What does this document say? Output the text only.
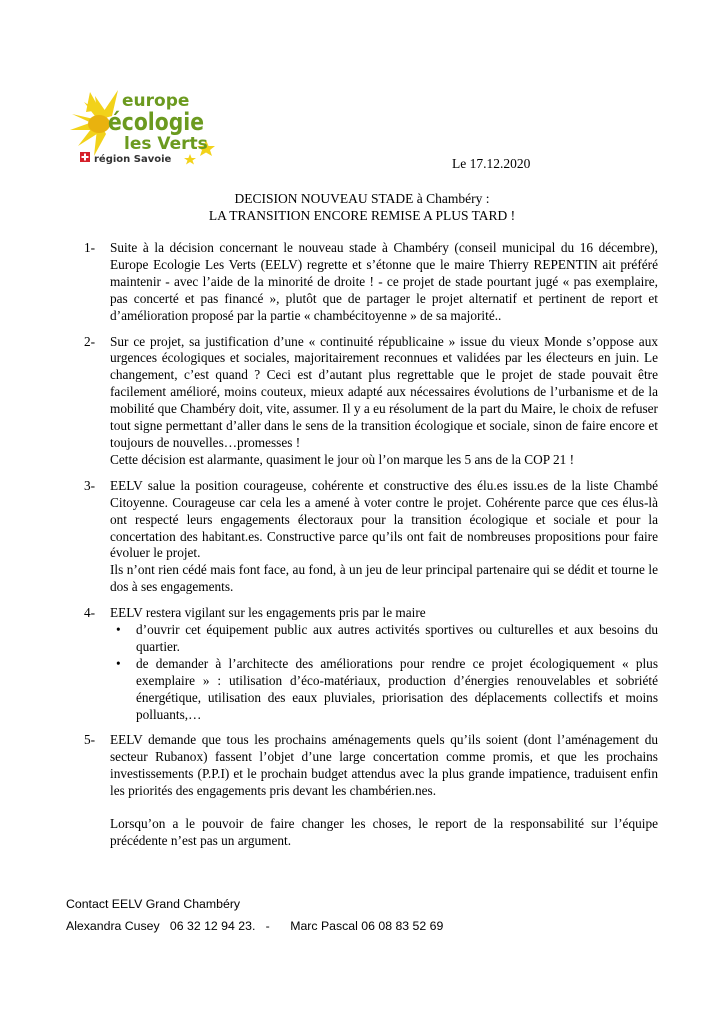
europe
écologie
les Verts
région Savoie	Le 17.12.2020
DECISION NOUVEAU STADE à Chambéry :
LA TRANSITION ENCORE REMISE A PLUS TARD !
1- Suite à la décision concernant le nouveau stade à Chambéry (conseil municipal du 16 décembre), Europe Ecologie Les Verts (EELV) regrette et s’étonne que le maire Thierry REPENTIN ait préféré maintenir - avec l’aide de la minorité de droite ! - ce projet de stade pourtant jugé « pas exemplaire, pas concerté et pas financé », plutôt que de partager le projet alternatif et pertinent de report et d’amélioration proposé par la partie « chambécitoyenne » de sa majorité..

2- Sur ce projet, sa justification d’une « continuité républicaine » issue du vieux Monde s’oppose aux urgences écologiques et sociales, majoritairement reconnues et validées par les électeurs en juin. Le changement, c’est quand ? Ceci est d’autant plus regrettable que le projet de stade pouvait être facilement amélioré, moins couteux, mieux adapté aux nécessaires évolutions de l’urbanisme et de la mobilité que Chambéry doit, vite, assumer. Il y a eu résolument de la part du Maire, le choix de refuser tout signe permettant d’aller dans le sens de la transition écologique et sociale, sinon de faire encore et toujours de nouvelles…promesses !

Cette décision est alarmante, quasiment le jour où l’on marque les 5 ans de la COP 21 !

3- EELV salue la position courageuse, cohérente et constructive des élu.es issu.es de la liste Chambé Citoyenne. Courageuse car cela les a amené à voter contre le projet. Cohérente parce que ces élus-là ont respecté leurs engagements électoraux pour la transition écologique et sociale et pour la concertation des habitant.es. Constructive parce qu’ils ont fait de nombreuses propositions pour faire évoluer le projet.

Ils n’ont rien cédé mais font face, au fond, à un jeu de leur principal partenaire qui se dédit et tourne le dos à ses engagements.

4- EELV restera vigilant sur les engagements pris par le maire

• d’ouvrir cet équipement public aux autres activités sportives ou culturelles et aux besoins du quartier.
• de demander à l’architecte des améliorations pour rendre ce projet écologiquement « plus exemplaire » : utilisation d’éco-matériaux, production d’énergies renouvelables et sobriété énergétique, utilisation des eaux pluviales, priorisation des déplacements collectifs et moins polluants,…
5- EELV demande que tous les prochains aménagements quels qu’ils soient (dont l’aménagement du secteur Rubanox) fassent l’objet d’une large concertation comme promis, et que les prochains investissements (P.P.I) et le prochain budget attendus avec la plus grande impatience, traduisent enfin les priorités des engagements pris devant les chambérien.nes.

Lorsqu’on a le pouvoir de faire changer les choses, le report de la responsabilité sur l’équipe précédente n’est pas un argument.
Contact EELV Grand Chambéry
Alexandra Cusey   06 32 12 94 23.   -      Marc Pascal 06 08 83 52 69
